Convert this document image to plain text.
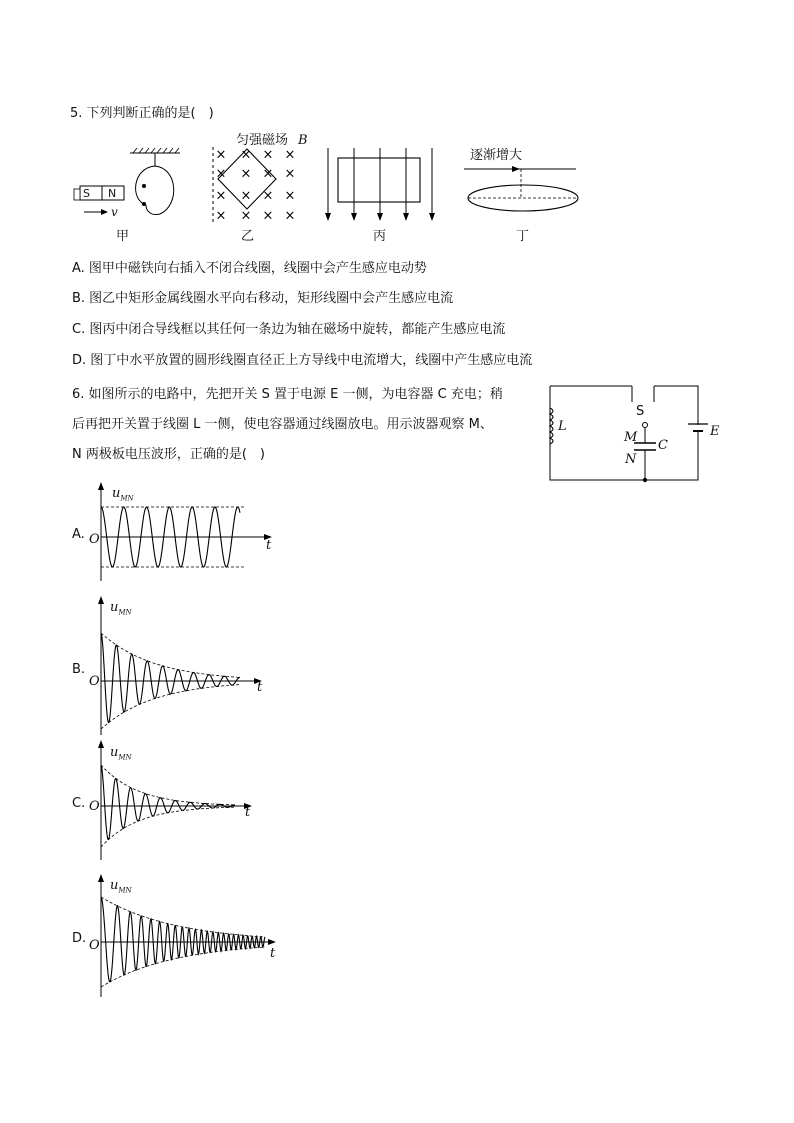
5. 下列判断正确的是(　)
× × × ×
× × × ×
× × × ×
× × × ×
S N
v
匀强磁场 B
逐渐增大
甲	乙	丙	丁
A. 图甲中磁铁向右插入不闭合线圈，线圈中会产生感应电动势
B. 图乙中矩形金属线圈水平向右移动，矩形线圈中会产生感应电流
C. 图丙中闭合导线框以其任何一条边为轴在磁场中旋转，都能产生感应电流
D. 图丁中水平放置的圆形线圈直径正上方导线中电流增大，线圈中产生感应电流
6. 如图所示的电路中，先把开关 S 置于电源 E 一侧，为电容器 C 充电；稍
后再把开关置于线圈 L 一侧，使电容器通过线圈放电。用示波器观察 M、
N 两极板电压波形，正确的是(　)
L
S
M
C
N
E
A. O
$u_{MN}$
t
B.
O
$u_{MN}$
t
C. O
$u_{MN}$
t
D. O
$u_{MN}$
t
